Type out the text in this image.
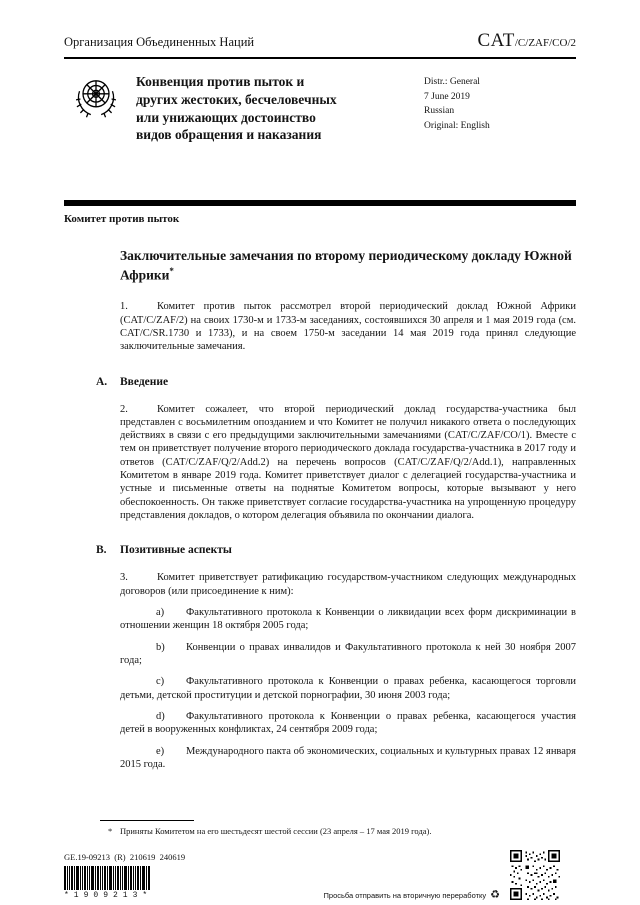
Организация Объединенных Наций	CAT/C/ZAF/CO/2
Конвенция против пыток и
других жестоких, бесчеловечных
или унижающих достоинство
видов обращения и наказания
Distr.: General
7 June 2019
Russian
Original: English
Комитет против пыток
Заключительные замечания по второму периодическому докладу Южной Африки*

1.	Комитет против пыток рассмотрел второй периодический доклад Южной Африки (CAT/C/ZAF/2) на своих 1730-м и 1733-м заседаниях, состоявшихся 30 апреля и 1 мая 2019 года (см. CAT/C/SR.1730 и 1733), и на своем 1750-м заседании 14 мая 2019 года принял следующие заключительные замечания.

A.	Введение

2.	Комитет сожалеет, что второй периодический доклад государства-участника был представлен с восьмилетним опозданием и что Комитет не получил никакого ответа о последующих действиях в связи с его предыдущими заключительными замечаниями (CAT/C/ZAF/CO/1). Вместе с тем он приветствует получение второго периодического доклада государства-участника в 2017 году и ответов (CAT/C/ZAF/Q/2/Add.2) на перечень вопросов (CAT/C/ZAF/Q/2/Add.1), направленных Комитетом в январе 2019 года. Комитет приветствует диалог с делегацией государства-участника и устные и письменные ответы на поднятые Комитетом вопросы, которые вызывают у него обеспокоенность. Он также приветствует согласие государства-участника на упрощенную процедуру представления докладов, о котором делегация объявила по окончании диалога.

B.	Позитивные аспекты

3.	Комитет приветствует ратификацию государством-участником следующих международных договоров (или присоединение к ним):

a) Факультативного протокола к Конвенции о ликвидации всех форм дискриминации в отношении женщин 18 октября 2005 года;

b) Конвенции о правах инвалидов и Факультативного протокола к ней 30 ноября 2007 года;

c) Факультативного протокола к Конвенции о правах ребенка, касающегося торговли детьми, детской проституции и детской порнографии, 30 июня 2003 года;

d) Факультативного протокола к Конвенции о правах ребенка, касающегося участия детей в вооруженных конфликтах, 24 сентября 2009 года;

e) Международного пакта об экономических, социальных и культурных правах 12 января 2015 года.

* Приняты Комитетом на его шестьдесят шестой сессии (23 апреля – 17 мая 2019 года).
GE.19-09213  (R)  210619  240619
*1909213*	Просьба отправить на вторичную переработку ♻
